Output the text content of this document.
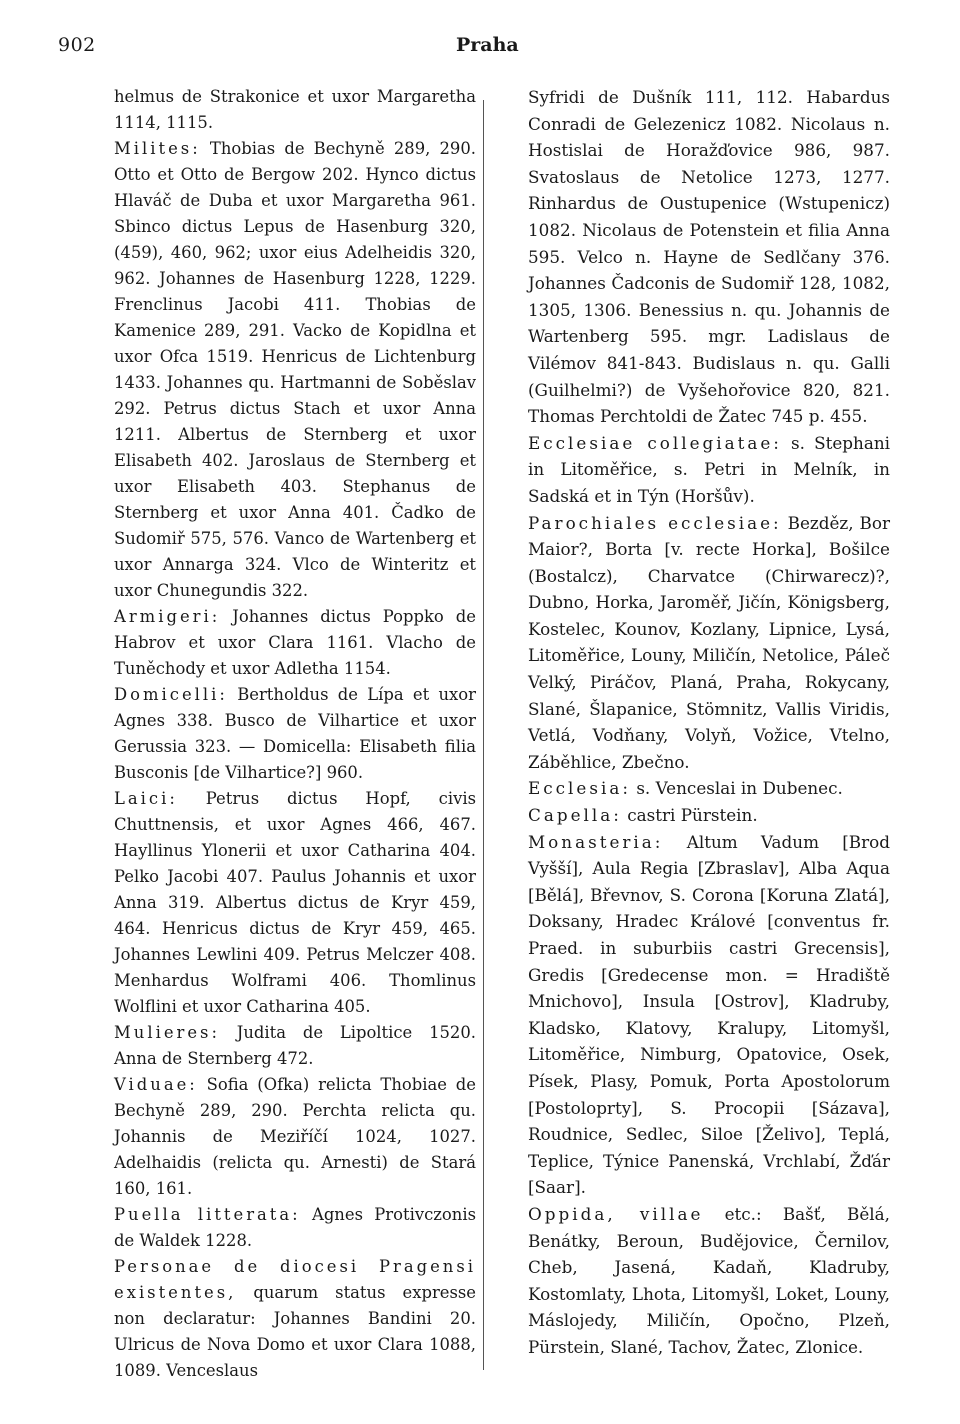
902	Praha

helmus de Strakonice et uxor Margaretha 1114, 1115.

Milites: Thobias de Bechyně 289, 290. Otto et Otto de Bergow 202. Hynco dictus Hlaváč de Duba et uxor Margaretha 961. Sbinco dictus Lepus de Hasenburg 320, (459), 460, 962; uxor eius Adelheidis 320, 962. Johannes de Hasenburg 1228, 1229. Frenclinus Jacobi 411. Thobias de Kamenice 289, 291. Vacko de Kopidlna et uxor Ofca 1519. Henricus de Lichtenburg 1433. Johannes qu. Hartmanni de Soběslav 292. Petrus dictus Stach et uxor Anna 1211. Albertus de Sternberg et uxor Elisabeth 402. Jaroslaus de Sternberg et uxor Elisabeth 403. Stephanus de Sternberg et uxor Anna 401. Čadko de Sudomiř 575, 576. Vanco de Wartenberg et uxor Annarga 324. Vlco de Winteritz et uxor Chunegundis 322.

Armigeri: Johannes dictus Poppko de Habrov et uxor Clara 1161. Vlacho de Tuněchody et uxor Adletha 1154.

Domicelli: Bertholdus de Lípa et uxor Agnes 338. Busco de Vilhartice et uxor Gerussia 323. — Domicella: Elisabeth filia Busconis [de Vilhartice?] 960.

Laici: Petrus dictus Hopf, civis Chuttnensis, et uxor Agnes 466, 467. Hayllinus Ylonerii et uxor Catharina 404. Pelko Jacobi 407. Paulus Johannis et uxor Anna 319. Albertus dictus de Kryr 459, 464. Henricus dictus de Kryr 459, 465. Johannes Lewlini 409. Petrus Melczer 408. Menhardus Wolframi 406. Thomlinus Wolflini et uxor Catharina 405.

Mulieres: Judita de Lipoltice 1520. Anna de Sternberg 472.

Viduae: Sofia (Ofka) relicta Thobiae de Bechyně 289, 290. Perchta relicta qu. Johannis de Meziříčí 1024, 1027. Adelhaidis (relicta qu. Arnesti) de Stará 160, 161.

Puella litterata: Agnes Protivczonis de Waldek 1228.

Personae de diocesi Pragensi existentes, quarum status expresse non declaratur: Johannes Bandini 20. Ulricus de Nova Domo et uxor Clara 1088, 1089. Venceslaus

Syfridi de Dušník 111, 112. Habardus Conradi de Gelezenicz 1082. Nicolaus n. Hostislai de Horažďovice 986, 987. Svatoslaus de Netolice 1273, 1277. Rinhardus de Oustupenice (Wstupenicz) 1082. Nicolaus de Potenstein et filia Anna 595. Velco n. Hayne de Sedlčany 376. Johannes Čadconis de Sudomiř 128, 1082, 1305, 1306. Benessius n. qu. Johannis de Wartenberg 595. mgr. Ladislaus de Vilémov 841-843. Budislaus n. qu. Galli (Guilhelmi?) de Vyšehořovice 820, 821. Thomas Perchtoldi de Žatec 745 p. 455.

Ecclesiae collegiatae: s. Stephani in Litoměřice, s. Petri in Melník, in Sadská et in Týn (Horšův).

Parochiales ecclesiae: Bezděz, Bor Maior?, Borta [v. recte Horka], Bošilce (Bostalcz), Charvatce (Chirwarecz)?, Dubno, Horka, Jaroměř, Jičín, Königsberg, Kostelec, Kounov, Kozlany, Lipnice, Lysá, Litoměřice, Louny, Miličín, Netolice, Páleč Velký, Piráčov, Planá, Praha, Rokycany, Slané, Šlapanice, Stömnitz, Vallis Viridis, Vetlá, Vodňany, Volyň, Vožice, Vtelno, Záběhlice, Zbečno.

Ecclesia: s. Venceslai in Dubenec.

Capella: castri Pürstein.

Monasteria: Altum Vadum [Brod Vyšší], Aula Regia [Zbraslav], Alba Aqua [Bělá], Břevnov, S. Corona [Koruna Zlatá], Doksany, Hradec Králové [conventus fr. Praed. in suburbiis castri Grecensis], Gredis [Gredecense mon. = Hradiště Mnichovo], Insula [Ostrov], Kladruby, Kladsko, Klatovy, Kralupy, Litomyšl, Litoměřice, Nimburg, Opatovice, Osek, Písek, Plasy, Pomuk, Porta Apostolorum [Postoloprty], S. Procopii [Sázava], Roudnice, Sedlec, Siloe [Želivo], Teplá, Teplice, Týnice Panenská, Vrchlabí, Žďár [Saar].

Oppida, villae etc.: Bašť, Bělá, Benátky, Beroun, Budějovice, Černilov, Cheb, Jasená, Kadaň, Kladruby, Kostomlaty, Lhota, Litomyšl, Loket, Louny, Máslojedy, Miličín, Opočno, Plzeň, Pürstein, Slané, Tachov, Žatec, Zlonice.
